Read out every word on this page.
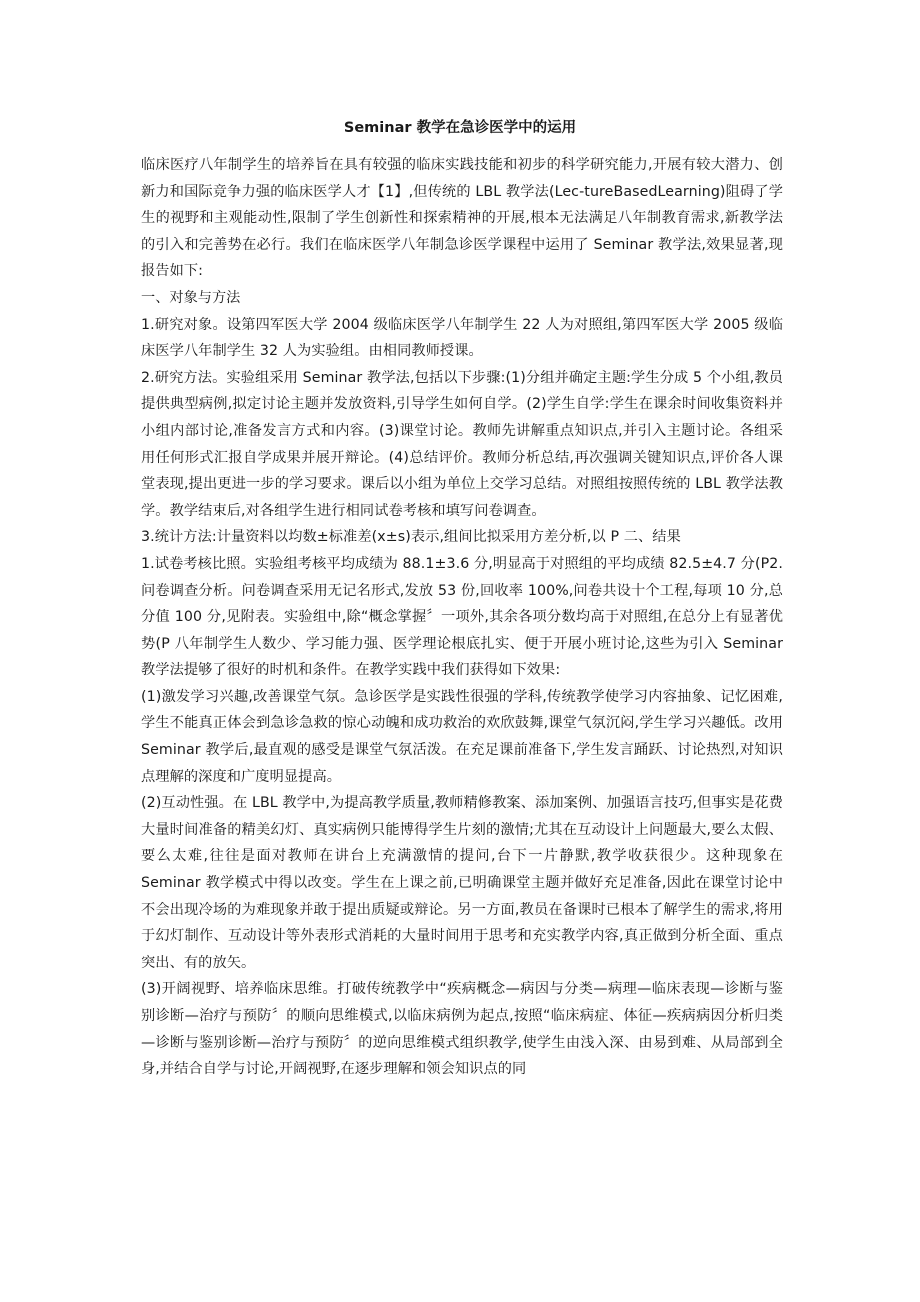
Seminar 教学在急诊医学中的运用

临床医疗八年制学生的培养旨在具有较强的临床实践技能和初步的科学研究能力,开展有较大潜力、创新力和国际竞争力强的临床医学人才【1】,但传统的 LBL 教学法(Lec-tureBasedLearning)阻碍了学生的视野和主观能动性,限制了学生创新性和探索精神的开展,根本无法满足八年制教育需求,新教学法的引入和完善势在必行。我们在临床医学八年制急诊医学课程中运用了 Seminar 教学法,效果显著,现报告如下:

一、对象与方法

1.研究对象。设第四军医大学 2004 级临床医学八年制学生 22 人为对照组,第四军医大学 2005 级临床医学八年制学生 32 人为实验组。由相同教师授课。

2.研究方法。实验组采用 Seminar 教学法,包括以下步骤:(1)分组并确定主题:学生分成 5 个小组,教员提供典型病例,拟定讨论主题并发放资料,引导学生如何自学。(2)学生自学:学生在课余时间收集资料并小组内部讨论,准备发言方式和内容。(3)课堂讨论。教师先讲解重点知识点,并引入主题讨论。各组采用任何形式汇报自学成果并展开辩论。(4)总结评价。教师分析总结,再次强调关键知识点,评价各人课堂表现,提出更进一步的学习要求。课后以小组为单位上交学习总结。对照组按照传统的 LBL 教学法教学。教学结束后,对各组学生进行相同试卷考核和填写问卷调查。

3.统计方法:计量资料以均数±标准差(x±s)表示,组间比拟采用方差分析,以 P 二、结果

1.试卷考核比照。实验组考核平均成绩为 88.1±3.6 分,明显高于对照组的平均成绩 82.5±4.7 分(P2.问卷调查分析。问卷调查采用无记名形式,发放 53 份,回收率 100%,问卷共设十个工程,每项 10 分,总分值 100 分,见附表。实验组中,除“概念掌握〞一项外,其余各项分数均高于对照组,在总分上有显著优势(P 八年制学生人数少、学习能力强、医学理论根底扎实、便于开展小班讨论,这些为引入 Seminar 教学法提够了很好的时机和条件。在教学实践中我们获得如下效果:

(1)激发学习兴趣,改善课堂气氛。急诊医学是实践性很强的学科,传统教学使学习内容抽象、记忆困难,学生不能真正体会到急诊急救的惊心动魄和成功救治的欢欣鼓舞,课堂气氛沉闷,学生学习兴趣低。改用 Seminar 教学后,最直观的感受是课堂气氛活泼。在充足课前准备下,学生发言踊跃、讨论热烈,对知识点理解的深度和广度明显提高。

(2)互动性强。在 LBL 教学中,为提高教学质量,教师精修教案、添加案例、加强语言技巧,但事实是花费大量时间准备的精美幻灯、真实病例只能博得学生片刻的激情;尤其在互动设计上问题最大,要么太假、要么太难,往往是面对教师在讲台上充满激情的提问,台下一片静默,教学收获很少。这种现象在 Seminar 教学模式中得以改变。学生在上课之前,已明确课堂主题并做好充足准备,因此在课堂讨论中不会出现冷场的为难现象并敢于提出质疑或辩论。另一方面,教员在备课时已根本了解学生的需求,将用于幻灯制作、互动设计等外表形式消耗的大量时间用于思考和充实教学内容,真正做到分析全面、重点突出、有的放矢。

(3)开阔视野、培养临床思维。打破传统教学中“疾病概念—病因与分类—病理—临床表现—诊断与鉴别诊断—治疗与预防〞的顺向思维模式,以临床病例为起点,按照“临床病症、体征—疾病病因分析归类—诊断与鉴别诊断—治疗与预防〞的逆向思维模式组织教学,使学生由浅入深、由易到难、从局部到全身,并结合自学与讨论,开阔视野,在逐步理解和领会知识点的同
